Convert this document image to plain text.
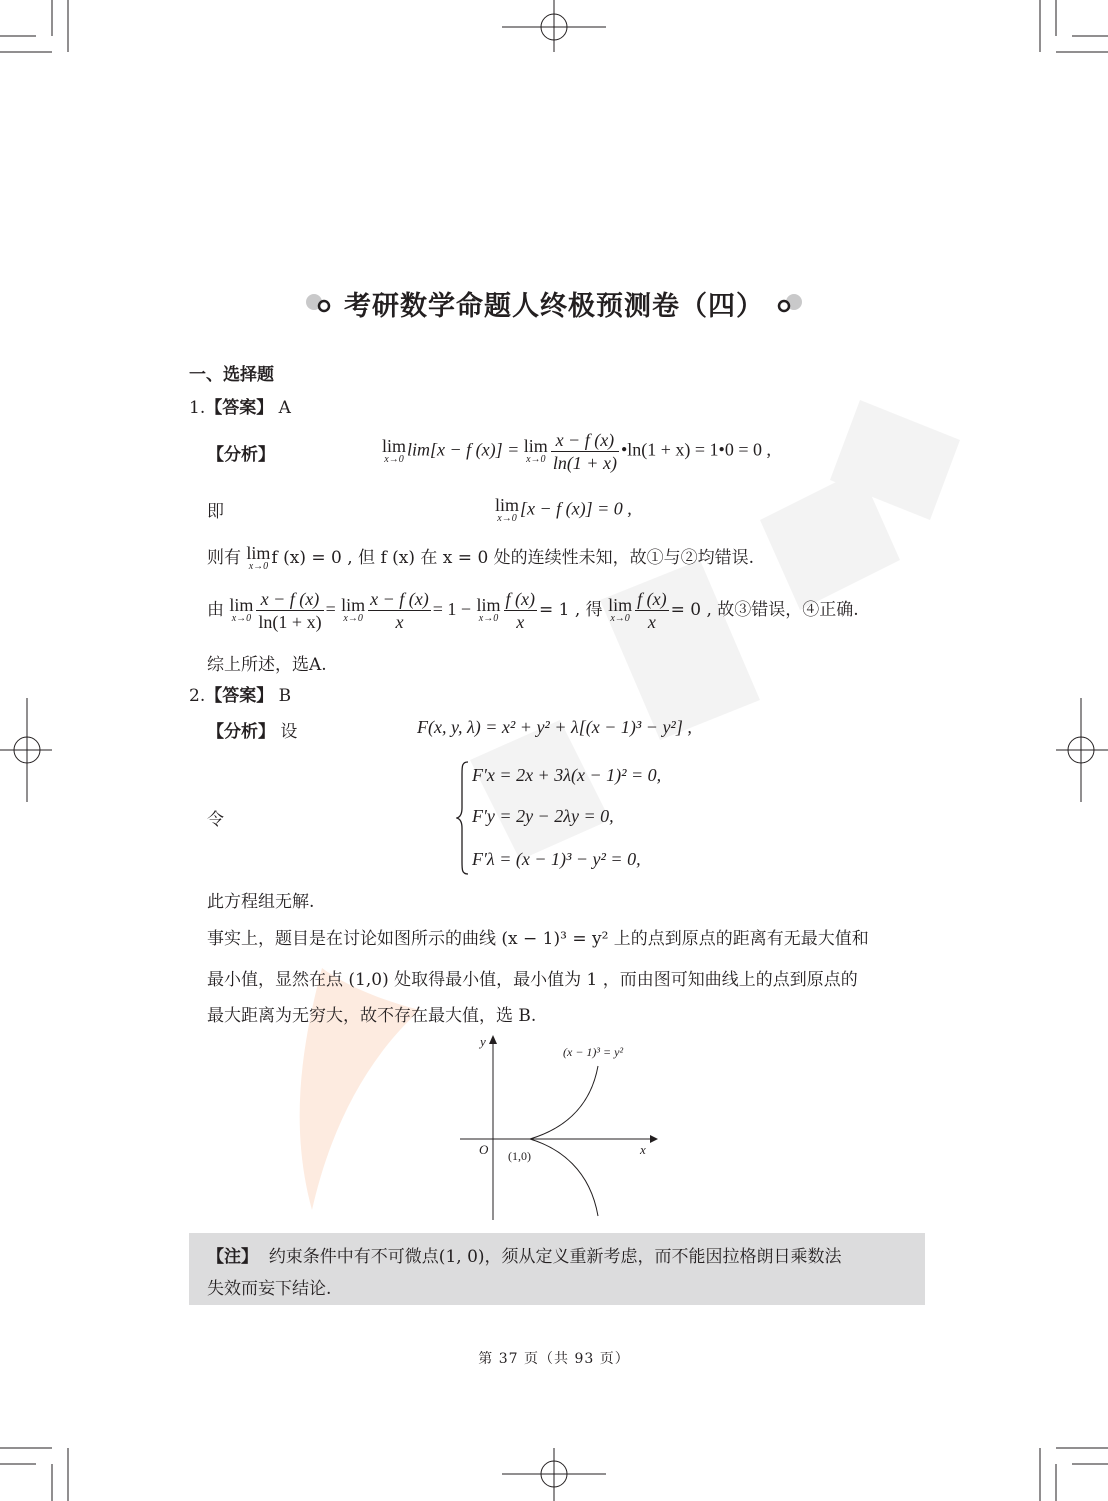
考研数学命题人终极预测卷（四）
一、选择题
1.【答案】 A
【分析】	lim
x→0 lim[x − f (x)] = lim
$x\to 0 \frac{x - f (x)}{\ln(1 + x)}$ •ln(1 + x) = 1•0 = 0 ,
即	lim
x→0 [x − f (x)] = 0 ,
则有 lim
x→0 f (x) = 0 , 但 f (x) 在 x = 0 处的连续性未知，故①与②均错误.
由 lim
$x\to 0 \frac{x - f (x)}{\ln(1 + x)} = \lim$
$x\to 0 \frac{x - f (x)}{x} = 1 - \lim$
$x\to 0 \frac{f (x)}{x} = 1$ , 得 lim
$x\to 0 \frac{f (x)}{x} = 0$ , 故③错误，④正确.
综上所述，选A.
2.【答案】 B
【分析】 设	F(x, y, λ) = x² + y² + λ[(x − 1)³ − y²] ,
令
F′x = 2x + 3λ(x − 1)² = 0,
F′y = 2y − 2λy = 0,
F′λ = (x − 1)³ − y² = 0,
此方程组无解.
事实上，题目是在讨论如图所示的曲线 (x − 1)³ = y² 上的点到原点的距离有无最大值和
最小值，显然在点 (1,0) 处取得最小值，最小值为 1 ，而由图可知曲线上的点到原点的
最大距离为无穷大，故不存在最大值，选 B.
y
x
O (1,0)
(x − 1)³ = y²
【注】 约束条件中有不可微点(1, 0)，须从定义重新考虑，而不能因拉格朗日乘数法
失效而妄下结论.
第 37 页（共 93 页）
